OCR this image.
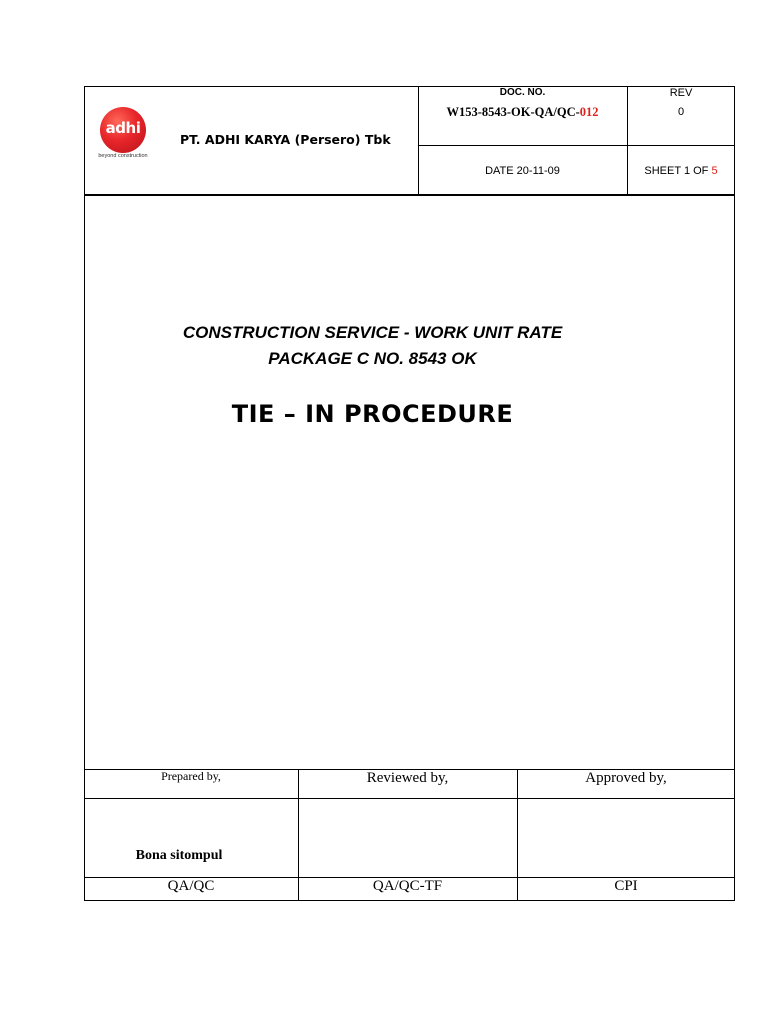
adhi
beyond construction
PT. ADHI KARYA (Persero) Tbk
DOC. NO.
W153-8543-OK-QA/QC-012
REV
0
DATE 20-11-09	SHEET 1 OF 5
CONSTRUCTION SERVICE - WORK UNIT RATE
PACKAGE C NO. 8543 OK
TIE – IN PROCEDURE
Prepared by,	Reviewed by,	Approved by,
Bona sitompul
QA/QC	QA/QC-TF	CPI
